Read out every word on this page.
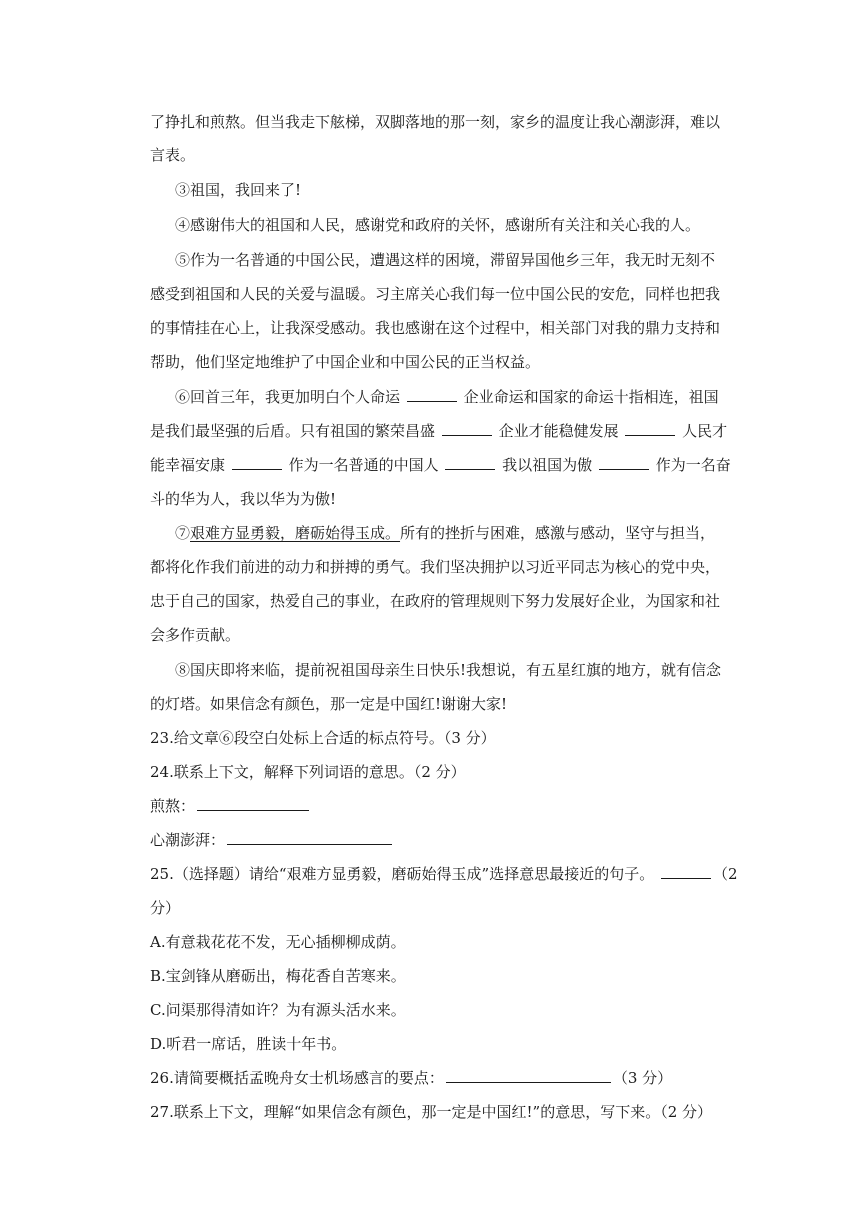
了挣扎和煎熬。但当我走下舷梯，双脚落地的那一刻，家乡的温度让我心潮澎湃，难以
言表。
③祖国，我回来了!
④感谢伟大的祖国和人民，感谢党和政府的关怀，感谢所有关注和关心我的人。
⑤作为一名普通的中国公民，遭遇这样的困境，滞留异国他乡三年，我无时无刻不
感受到祖国和人民的关爱与温暖。习主席关心我们每一位中国公民的安危，同样也把我
的事情挂在心上，让我深受感动。我也感谢在这个过程中，相关部门对我的鼎力支持和
帮助，他们坚定地维护了中国企业和中国公民的正当权益。
⑥回首三年，我更加明白个人命运	企业命运和国家的命运十指相连，祖国
是我们最坚强的后盾。只有祖国的繁荣昌盛	企业才能稳健发展	人民才
能幸福安康	作为一名普通的中国人	我以祖国为傲	作为一名奋
斗的华为人，我以华为为傲!
⑦艰难方显勇毅，磨砺始得玉成。所有的挫折与困难，感激与感动，坚守与担当，
都将化作我们前进的动力和拼搏的勇气。我们坚决拥护以习近平同志为核心的党中央，
忠于自己的国家，热爱自己的事业，在政府的管理规则下努力发展好企业，为国家和社
会多作贡献。
⑧国庆即将来临，提前祝祖国母亲生日快乐!我想说，有五星红旗的地方，就有信念
的灯塔。如果信念有颜色，那一定是中国红!谢谢大家!
23.给文章⑥段空白处标上合适的标点符号。（3 分）
24.联系上下文，解释下列词语的意思。（2 分）
煎熬：
心潮澎湃：
25.（选择题）请给“艰难方显勇毅，磨砺始得玉成”选择意思最接近的句子。	（2
分）
A.有意栽花花不发，无心插柳柳成荫。
B.宝剑锋从磨砺出，梅花香自苦寒来。
C.问渠那得清如许？为有源头活水来。
D.听君一席话，胜读十年书。
26.请简要概括孟晚舟女士机场感言的要点：	（3 分）
27.联系上下文，理解“如果信念有颜色，那一定是中国红!”的意思，写下来。（2 分）
